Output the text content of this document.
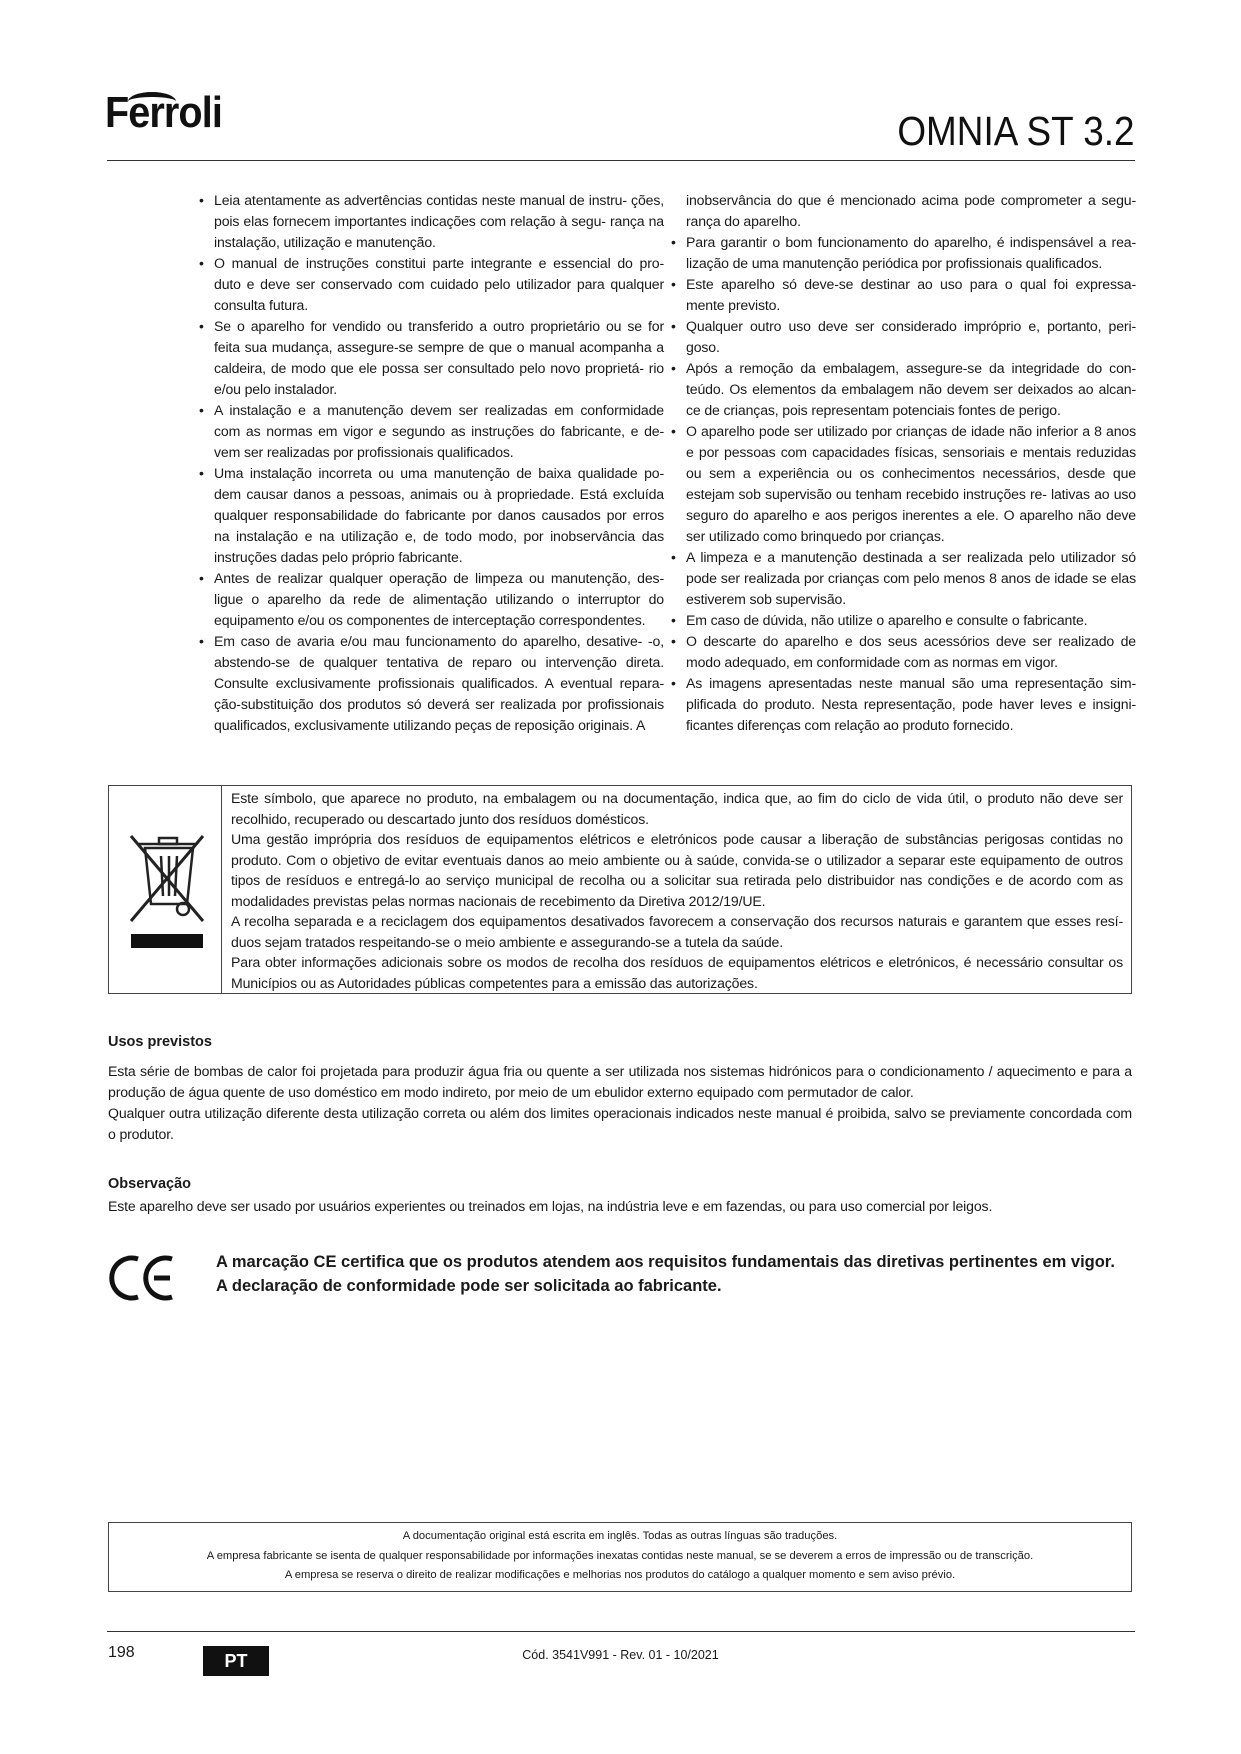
Ferroli	OMNIA ST 3.2
• Leia atentamente as advertências contidas neste manual de instru- ções, pois elas fornecem importantes indicações com relação à segu- rança na instalação, utilização e manutenção.
• O manual de instruções constitui parte integrante e essencial do pro- duto e deve ser conservado com cuidado pelo utilizador para qualquer consulta futura.
• Se o aparelho for vendido ou transferido a outro proprietário ou se for feita sua mudança, assegure-se sempre de que o manual acompanha a caldeira, de modo que ele possa ser consultado pelo novo proprietá- rio e/ou pelo instalador.
• A instalação e a manutenção devem ser realizadas em conformidade com as normas em vigor e segundo as instruções do fabricante, e de- vem ser realizadas por profissionais qualificados.
• Uma instalação incorreta ou uma manutenção de baixa qualidade po- dem causar danos a pessoas, animais ou à propriedade. Está excluída qualquer responsabilidade do fabricante por danos causados por erros na instalação e na utilização e, de todo modo, por inobservância das instruções dadas pelo próprio fabricante.
• Antes de realizar qualquer operação de limpeza ou manutenção, des- ligue o aparelho da rede de alimentação utilizando o interruptor do equipamento e/ou os componentes de interceptação correspondentes.
• Em caso de avaria e/ou mau funcionamento do aparelho, desative- -o, abstendo-se de qualquer tentativa de reparo ou intervenção direta. Consulte exclusivamente profissionais qualificados. A eventual repara- ção-substituição dos produtos só deverá ser realizada por profissionais qualificados, exclusivamente utilizando peças de reposição originais. A
inobservância do que é mencionado acima pode comprometer a segu- rança do aparelho.
• Para garantir o bom funcionamento do aparelho, é indispensável a rea- lização de uma manutenção periódica por profissionais qualificados.
• Este aparelho só deve-se destinar ao uso para o qual foi expressa- mente previsto.
• Qualquer outro uso deve ser considerado impróprio e, portanto, peri- goso.
• Após a remoção da embalagem, assegure-se da integridade do con- teúdo. Os elementos da embalagem não devem ser deixados ao alcan- ce de crianças, pois representam potenciais fontes de perigo.
• O aparelho pode ser utilizado por crianças de idade não inferior a 8 anos e por pessoas com capacidades físicas, sensoriais e mentais reduzidas ou sem a experiência ou os conhecimentos necessários, desde que estejam sob supervisão ou tenham recebido instruções re- lativas ao uso seguro do aparelho e aos perigos inerentes a ele. O aparelho não deve ser utilizado como brinquedo por crianças.
• A limpeza e a manutenção destinada a ser realizada pelo utilizador só pode ser realizada por crianças com pelo menos 8 anos de idade se elas estiverem sob supervisão.
• Em caso de dúvida, não utilize o aparelho e consulte o fabricante.
• O descarte do aparelho e dos seus acessórios deve ser realizado de modo adequado, em conformidade com as normas em vigor.
• As imagens apresentadas neste manual são uma representação sim- plificada do produto. Nesta representação, pode haver leves e insigni- ficantes diferenças com relação ao produto fornecido.

Este símbolo, que aparece no produto, na embalagem ou na documentação, indica que, ao fim do ciclo de vida útil, o produto não deve ser recolhido, recuperado ou descartado junto dos resíduos domésticos.

Uma gestão imprópria dos resíduos de equipamentos elétricos e eletrónicos pode causar a liberação de substâncias perigosas contidas no produto. Com o objetivo de evitar eventuais danos ao meio ambiente ou à saúde, convida-se o utilizador a separar este equipamento de outros tipos de resíduos e entregá-lo ao serviço municipal de recolha ou a solicitar sua retirada pelo distribuidor nas condições e de acordo com as modalidades previstas pelas normas nacionais de recebimento da Diretiva 2012/19/UE.

A recolha separada e a reciclagem dos equipamentos desativados favorecem a conservação dos recursos naturais e garantem que esses resí- duos sejam tratados respeitando-se o meio ambiente e assegurando-se a tutela da saúde.

Para obter informações adicionais sobre os modos de recolha dos resíduos de equipamentos elétricos e eletrónicos, é necessário consultar os Municípios ou as Autoridades públicas competentes para a emissão das autorizações.

Usos previstos

Esta série de bombas de calor foi projetada para produzir água fria ou quente a ser utilizada nos sistemas hidrónicos para o condicionamento / aquecimento e para a produção de água quente de uso doméstico em modo indireto, por meio de um ebulidor externo equipado com permutador de calor.

Qualquer outra utilização diferente desta utilização correta ou além dos limites operacionais indicados neste manual é proibida, salvo se previamente concordada com o produtor.

Observação
Este aparelho deve ser usado por usuários experientes ou treinados em lojas, na indústria leve e em fazendas, ou para uso comercial por leigos.

A marcação CE certifica que os produtos atendem aos requisitos fundamentais das diretivas pertinentes em vigor.

A declaração de conformidade pode ser solicitada ao fabricante.

A documentação original está escrita em inglês. Todas as outras línguas são traduções.

A empresa fabricante se isenta de qualquer responsabilidade por informações inexatas contidas neste manual, se se deverem a erros de impressão ou de transcrição.

A empresa se reserva o direito de realizar modificações e melhorias nos produtos do catálogo a qualquer momento e sem aviso prévio.

198	PT	Cód. 3541V991 - Rev. 01 - 10/2021
